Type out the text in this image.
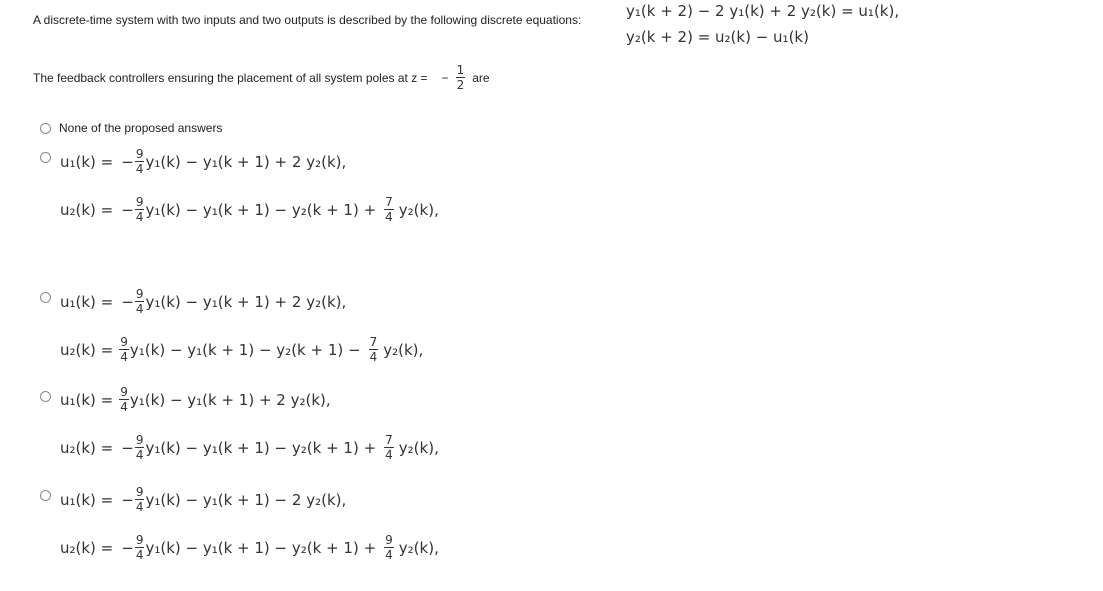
A discrete-time system with two inputs and two outputs is described by the following discrete equations:	y₁(k + 2) − 2 y₁(k) + 2 y₂(k) = u₁(k),
y₂(k + 2) = u₂(k) − u₁(k)
The feedback controllers ensuring the placement of all system poles at z = − $\frac{1}{2}$ are
None of the proposed answers
u₁(k) = − $\frac{9}{4} y_1(k) - y_1(k + 1) + 2$ y₂(k),
u₂(k) = − $\frac{9}{4} y_1(k) - y_1(k + 1) - y_2(k + 1) + \frac{7}{4} y_2(k)$,
u₁(k) = − $\frac{9}{4} y_1(k) - y_1(k + 1) + 2$ y₂(k),
$u_2(k) = \frac{9}{4} y_1(k) - y_1(k + 1) - y_2(k + 1) - \frac{7}{4} y_2(k)$,
$u_1(k) = \frac{9}{4} y_1(k) - y_1(k + 1) + 2$ y₂(k),
u₂(k) = − $\frac{9}{4} y_1(k) - y_1(k + 1) - y_2(k + 1) + \frac{7}{4} y_2(k)$,
u₁(k) = − $\frac{9}{4} y_1(k) - y_1(k + 1) - 2$ y₂(k),
u₂(k) = − $\frac{9}{4} y_1(k) - y_1(k + 1) - y_2(k + 1) + \frac{9}{4} y_2(k)$,
